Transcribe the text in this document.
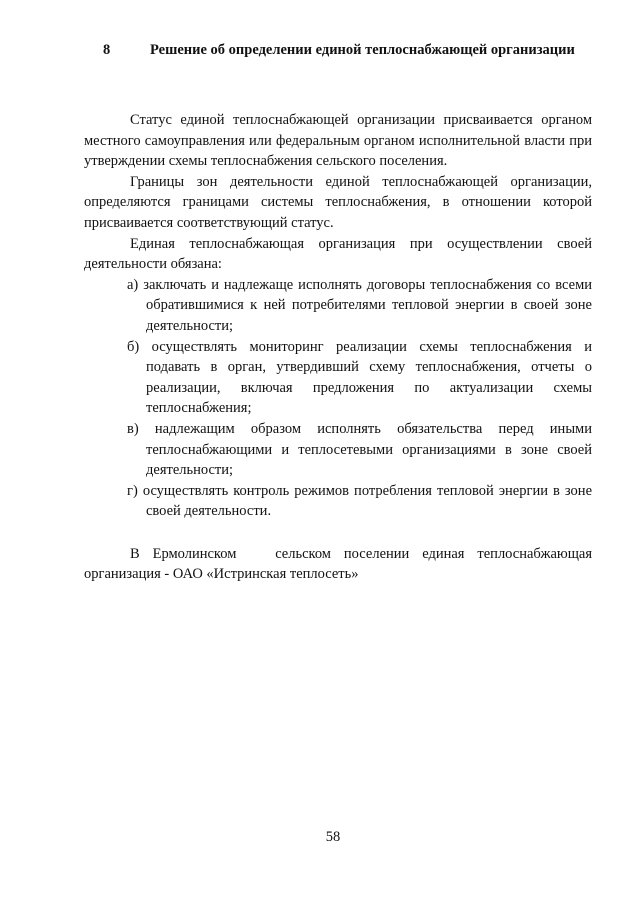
8	Решение об определении единой теплоснабжающей организации

Статус единой теплоснабжающей организации присваивается органом местного самоуправления или федеральным органом исполнительной власти при утверждении схемы теплоснабжения сельского поселения.

Границы зон деятельности единой теплоснабжающей организации, определяются границами системы теплоснабжения, в отношении которой присваивается соответствующий статус.

Единая теплоснабжающая организация при осуществлении своей деятельности обязана:

а) заключать и надлежаще исполнять договоры теплоснабжения со всеми обратившимися к ней потребителями тепловой энергии в своей зоне деятельности;
б) осуществлять мониторинг реализации схемы теплоснабжения и подавать в орган, утвердивший схему теплоснабжения, отчеты о реализации, включая предложения по актуализации схемы теплоснабжения;
в) надлежащим образом исполнять обязательства перед иными теплоснабжающими и теплосетевыми организациями в зоне своей деятельности;
г) осуществлять контроль режимов потребления тепловой энергии в зоне своей деятельности.

В Ермолинском   сельском поселении единая теплоснабжающая организация - ОАО «Истринская теплосеть»

58
